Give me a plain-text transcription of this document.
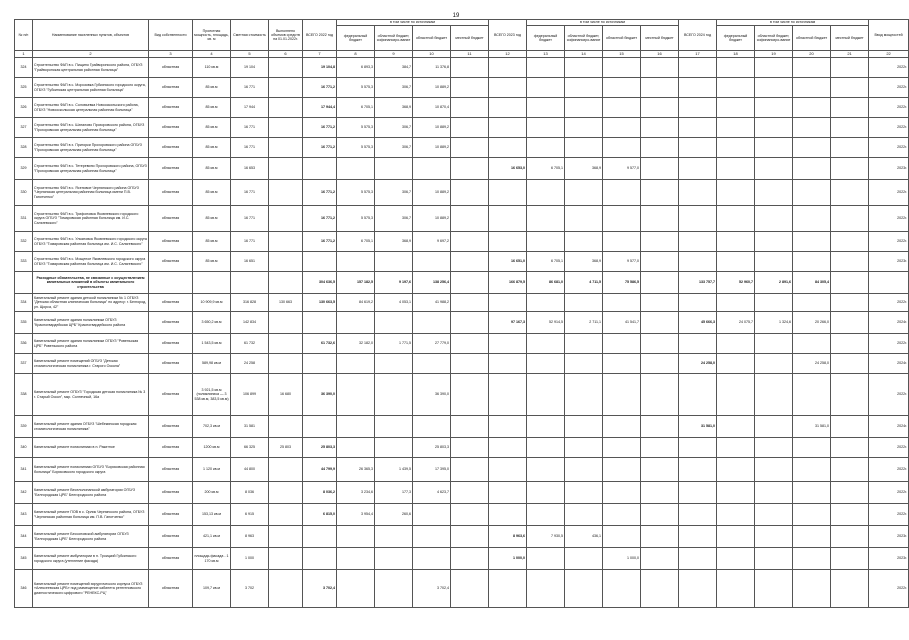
19
№ п/п	Наименование населенных пунктов, объектов	Вид собственности	Проектная мощность, площадь, кв. м	Сметная стоимость	Выполнено объемов средств на 01.01.2022г.	ВСЕГО 2022 год	в том числе по источникам				ВСЕГО 2023 год	в том числе по источникам				ВСЕГО 2024 год	в том числе по источникам				Ввод мощностей
							федеральный бюджет	областной бюджет, софинансиро-вание	областной бюджет	местный бюджет		федеральный бюджет	областной бюджет, софинансиро-вание	областной бюджет	местный бюджет		федеральный бюджет	областной бюджет, софинансиро-вание	областной бюджет	местный бюджет	
1	2	3	4	5	6	7	8	9	10	11	12	13	14	15	16	17	18	19	20	21	22
324	Строительство ФАП в с. Пищино Грайворонского района, ОГБУЗ "Грайворонская центральная районная больница"	областная	110 кв.м	19 104		19 104,8	6 893,3	384,7	11 376,8												2022г.
325	Строительство ФАП в с. Морозовка Губкинского городского округа, ОГБУЗ "Губкинская центральная районная больница"	областная	85 кв.м	16 771		16 771,2	5 575,3	306,7	10 889,2												2022г.
326	Строительство ФАП в с. Соловьевка Новооскольского района, ОГБУЗ "Новооскольская центральная районная больница"	областная	85 кв.м	17 944		17 944,4	6 705,1	368,9	10 870,4												2022г.
327	Строительство ФАП в с. Шаталово Прохоровского района, ОГБУЗ "Прохоровская центральная районная больница"	областная	85 кв.м	16 771		16 771,2	5 575,3	306,7	10 889,2												2022г.
328	Строительство ФАП в х. Пригорки Прохоровского района ОГБУЗ "Прохоровская центральная районная больница"	областная	85 кв.м	16 771		16 771,2	5 575,3	306,7	10 889,2												2022г.
329	Строительство ФАП в с. Тетеревино Прохоровского района, ОГБУЗ "Прохоровская центральная районная больница"	областная	85 кв.м	16 653							16 653,0	6 705,1	368,9	9 577,0							2023г.
330	Строительство ФАП в с. Ясеновое Чернянского района ОГБУЗ "Чернянская центральная районная больница имени П.В. Гапотченко"	областная	85 кв.м	16 771		16 771,2	5 575,3	306,7	10 889,2												2022г.
331	Строительство ФАП в с. Трифоновка Яковлевского городского округа ОГБУЗ "Томаровская районная больница им. И.С. Сальтевского"	областная	85 кв.м	16 771		16 771,2	5 575,3	306,7	10 889,2												2022г.
332	Строительство ФАП в с. Ульяновка Яковлевского городского округа ОГБУЗ "Томаровская районная больница им. И.С. Сальтевского"	областная	85 кв.м	16 771		16 771,2	6 705,1	368,9	9 697,2												2022г.
333	Строительство ФАП в с. Мощеное Яковлевского городского округа ОГБУЗ "Томаровская районная больница им. И.С. Сальтевского"	областная	85 кв.м	16 651							16 651,0	6 705,1	368,9	9 577,0							2023г.
	Расходные обязательства, не связанные с осуществлением капитальных вложений в объекты капитального строительства					304 636,5	157 182,5	9 197,6	138 256,4		166 879,5	86 681,0	4 711,5	75 586,5		133 757,7	52 960,7	2 891,6	84 305,4		
334	Капитальный ремонт здания детской поликлиники № 1 ОГБУЗ "Детская областная клиническая больница" по адресу: г. Белгород, ул. Щорса, 42"	областная	10 909,9 кв.м	316 828	130 663	130 663,5	84 619,2	4 053,1	41 988,2												2022г.
335	Капитальный ремонт здания поликлиники ОГБУЗ "Красногвардейская ЦРБ" Красногвардейского района	областная	3 650,2 кв.м	142 834							97 167,3	52 914,5	2 711,1	41 541,7		45 666,3	24 075,7	1 324,6	20 266,0		2024г.
336	Капитальный ремонт здания поликлиники ОГБУЗ "Ровеньская ЦРБ" Ровеньского района	областная	1 543,5 кв.м	61 732		61 732,6	32 182,0	1 771,5	27 779,0												2022г.
337	Капитальный ремонт помещений ОГБУЗ "Детская стоматологическая поликлиника г. Старого Оскола"	областная	589,98 кв.м	24 258												24 258,0			24 258,0		2024г.
338	Капитальный ремонт ОГБУЗ "Городская детская поликлиника № 3 г. Старый Оскол", мкр. Солнечный, 16а	областная	3 921,5 кв.м (поликлиника — 3 538 кв.м, 383,5 кв.м)	106 899	16 680	36 390,0			36 390,0												2022г.
339	Капитальный ремонт здания ОГБУЗ "Шебекинская городская стоматологическая поликлиника"	областная	702,3 кв.м	31 581												31 581,0			31 581,0		2024г.
340	Капитальный ремонт поликлиники в п. Ракитное	областная	1200 кв.м	66 325	25 803	25 803,3			25 803,3												2022г.
341	Капитальный ремонт поликлиники ОГБУЗ "Борисовская районная больница" Борисовского городского округа	областная	1 120 кв.м	44 800		44 799,9	26 365,3	1 439,5	17 395,0												2022г.
342	Капитальный ремонт Веселолопанской амбулатории ОГБУЗ "Белгородская ЦРБ" Белгородского района	областная	200 кв.м	8 036		8 036,2	3 234,6	177,3	4 623,7												2022г.
343	Капитальный ремонт ПОВ в с. Орлик Чернянского района, ОГБУЗ "Чернянская районная больница им. П.В. Гапотченко"	областная	153,13 кв.м	6 915		6 815,0	3 954,4	260,6													2022г.
344	Капитальный ремонт Бессоновской амбулатории ОГБУЗ "Белгородская ЦРБ" Белгородского района	областная	421,1 кв.м	8 963							8 963,6	7 930,5	436,1								2023г.
345	Капитальный ремонт амбулатории в п. Троицкий Губкинского городского округа (утепление фасада)	областная	площадь фасада - 1 170 кв.м	1 000							1 000,0			1 000,0							2023г.
346	Капитальный ремонт помещений хирургического корпуса ОГБУЗ «Алексеевская ЦРБ» под размещение кабинета рентгеновского диагностического цифрового "РЕНЕКС-РЦ"	областная	109,7 кв.м	3 702		3 702,4			3 702,4												2022г.
